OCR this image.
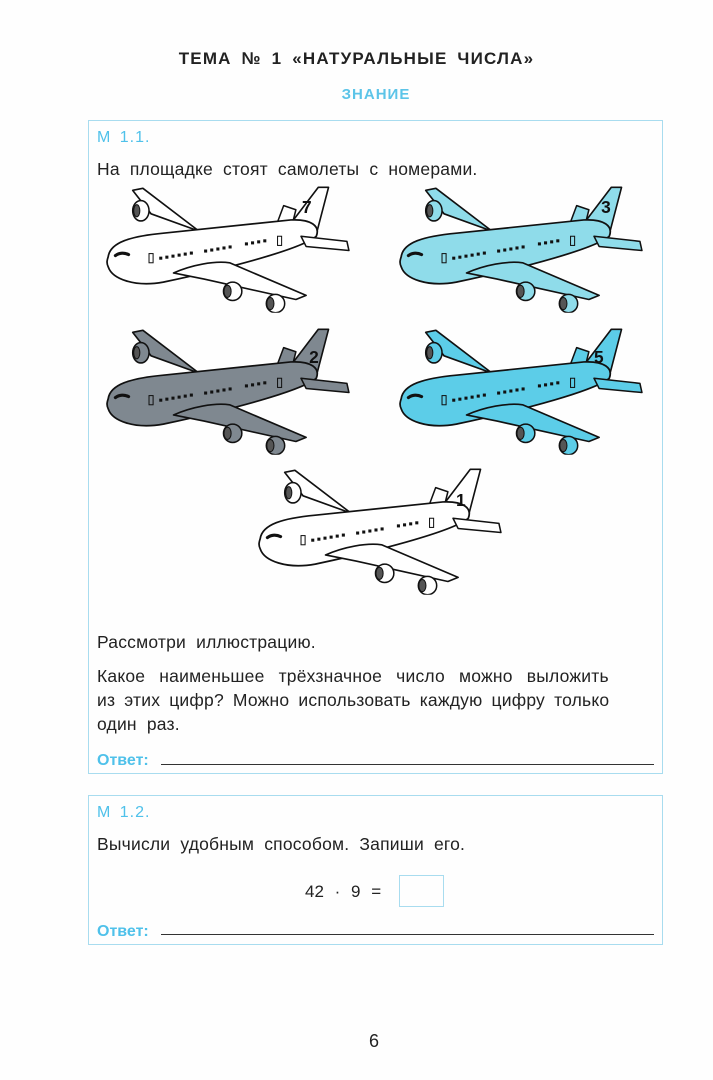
ТЕМА № 1 «НАТУРАЛЬНЫЕ ЧИСЛА»
ЗНАНИЕ
М 1.1.
На площадке стоят самолеты с номерами.
7	3
2	5
1
Рассмотри иллюстрацию.
Какое наименьшее трёхзначное число можно выложить
из этих цифр? Можно использовать каждую цифру только
один раз.
Ответ:
М 1.2.
Вычисли удобным способом. Запиши его.
42 · 9 =
Ответ:
6
